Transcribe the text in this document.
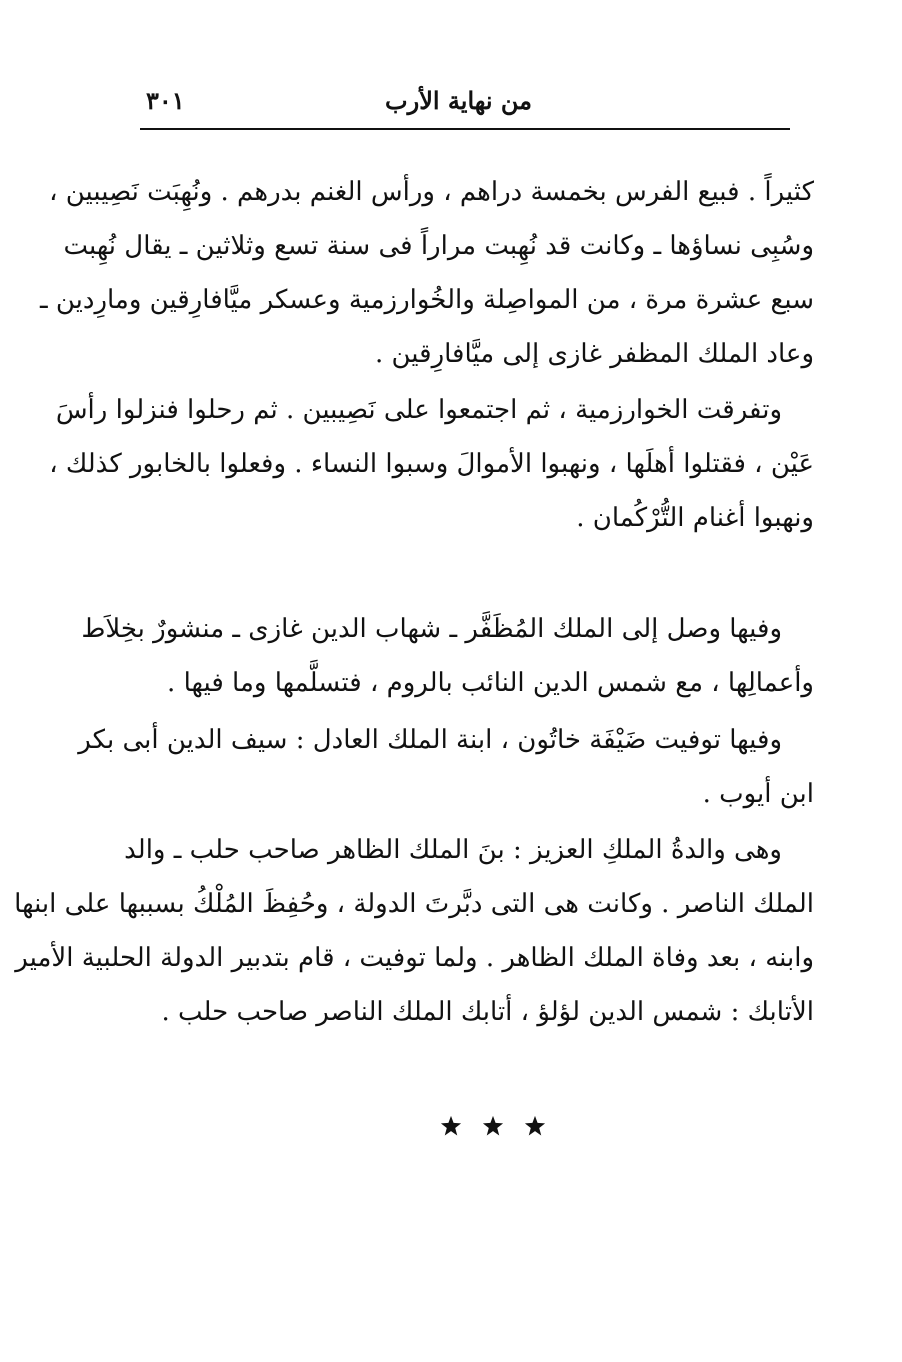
من نهاية الأرب
٣٠١
كثيراً . فبيع الفرس بخمسة دراهم ، ورأس الغنم بدرهم . ونُهِبَت نَصِيبين ،
وسُبِى نساؤها ـ وكانت قد نُهِبت مراراً فى سنة تسع وثلاثين ـ يقال نُهِبت
سبع عشرة مرة ، من المواصِلة والخُوارزمية وعسكر ميَّافارِقين ومارِدين ـ
وعاد الملك المظفر غازى إلى ميَّافارِقين .
وتفرقت الخوارزمية ، ثم اجتمعوا على نَصِيبين . ثم رحلوا فنزلوا رأسَ
عَيْن ، فقتلوا أهلَها ، ونهبوا الأموالَ وسبوا النساء . وفعلوا بالخابور كذلك ،
ونهبوا أغنام التُّرْكُمان .
وفيها وصل إلى الملك المُظَفَّر ـ شهاب الدين غازى ـ منشورٌ بخِلاَط
وأعمالِها ، مع شمس الدين النائب بالروم ، فتسلَّمها وما فيها .
وفيها توفيت ضَيْفَة خاتُون ، ابنة الملك العادل : سيف الدين أبى بكر
ابن أيوب .
وهى والدةُ الملكِ العزيز : بنَ الملك الظاهر صاحب حلب ـ والد
الملك الناصر . وكانت هى التى دبَّرتَ الدولة ، وحُفِظَ المُلْكُ بسببها على ابنها
وابنه ، بعد وفاة الملك الظاهر . ولما توفيت ، قام بتدبير الدولة الحلبية الأمير
الأتابك : شمس الدين لؤلؤ ، أتابك الملك الناصر صاحب حلب .
